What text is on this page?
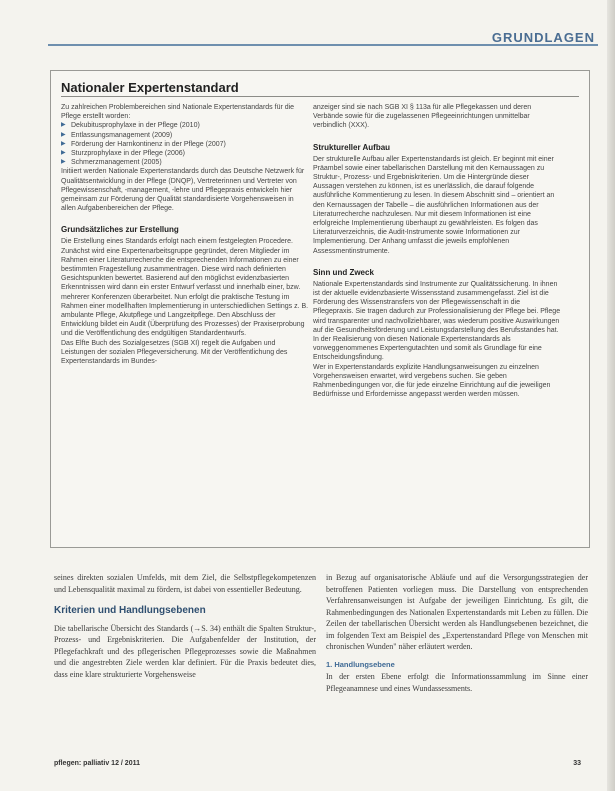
GRUNDLAGEN
Nationaler Expertenstandard

Zu zahlreichen Problembereichen sind Nationale Expertenstandards für die Pflege erstellt worden:

▶ Dekubitusprophylaxe in der Pflege (2010)
▶ Entlassungsmanagement (2009)
▶ Förderung der Harnkontinenz in der Pflege (2007)
▶ Sturzprophylaxe in der Pflege (2006)
▶ Schmerzmanagement (2005)

Initiiert werden Nationale Expertenstandards durch das Deutsche Netzwerk für Qualitätsentwicklung in der Pflege (DNQP), Vertreterinnen und Vertreter von Pflegewissenschaft, -management, -lehre und Pflegepraxis entwickeln hier gemeinsam zur Förderung der Qualität standardisierte Vorgehensweisen in allen Aufgabenbereichen der Pflege.

Grundsätzliches zur Erstellung

Die Erstellung eines Standards erfolgt nach einem festgelegten Procedere. Zunächst wird eine Expertenarbeitsgruppe gegründet, deren Mitglieder im Rahmen einer Literaturrecherche die entsprechenden Informationen zu einer bestimmten Fragestellung zusammentragen. Diese wird nach definierten Gesichtspunkten bewertet. Basierend auf den möglichst evidenzbasierten Erkenntnissen wird dann ein erster Entwurf verfasst und innerhalb einer, bzw. mehrerer Konferenzen überarbeitet. Nun erfolgt die praktische Testung im Rahmen einer modellhaften Implementierung in unterschiedlichen Settings z. B. ambulante Pflege, Akutpflege und Langzeitpflege. Den Abschluss der Entwicklung bildet ein Audit (Überprüfung des Prozesses) der Praxiserprobung und die Veröffentlichung des endgültigen Standardentwurfs.

Das Elfte Buch des Sozialgesetzes (SGB XI) regelt die Aufgaben und Leistungen der sozialen Pflegeversicherung. Mit der Veröffentlichung des Expertenstandards im Bundes-

anzeiger sind sie nach SGB XI § 113a für alle Pflegekassen und deren Verbände sowie für die zugelassenen Pflegeeinrichtungen unmittelbar verbindlich (XXX).

Struktureller Aufbau

Der strukturelle Aufbau aller Expertenstandards ist gleich. Er beginnt mit einer Präambel sowie einer tabellarischen Darstellung mit den Kernaussagen zu Struktur-, Prozess- und Ergebniskriterien. Um die Hintergründe dieser Aussagen verstehen zu können, ist es unerlässlich, die darauf folgende ausführliche Kommentierung zu lesen. In diesem Abschnitt sind – orientiert an den Kernaussagen der Tabelle – die ausführlichen Informationen aus der Literaturrecherche nachzulesen. Nur mit diesem Informationen ist eine erfolgreiche Implementierung überhaupt zu gewährleisten. Es folgen das Literaturverzeichnis, die Audit-Instrumente sowie Informationen zur Implementierung. Der Anhang umfasst die jeweils empfohlenen Assessmentinstrumente.

Sinn und Zweck

Nationale Expertenstandards sind Instrumente zur Qualitätssicherung. In ihnen ist der aktuelle evidenzbasierte Wissensstand zusammengefasst. Ziel ist die Förderung des Wissenstransfers von der Pflegewissenschaft in die Pflegepraxis. Sie tragen dadurch zur Professionalisierung der Pflege bei. Pflege wird transparenter und nachvollziehbarer, was wiederum positive Auswirkungen auf die Gesundheitsförderung und Leistungsdarstellung des Berufsstandes hat.

In der Realisierung von diesen Nationale Expertenstandards als vorweggenommenes Expertengutachten und somit als Grundlage für eine Entscheidungsfindung.

Wer in Expertenstandards explizite Handlungsanweisungen zu einzelnen Vorgehensweisen erwartet, wird vergebens suchen. Sie geben Rahmenbedingungen vor, die für jede einzelne Einrichtung auf die jeweiligen Bedürfnisse und Erfordernisse angepasst werden werden müssen.

seines direkten sozialen Umfelds, mit dem Ziel, die Selbstpflegekompetenzen und Lebensqualität maximal zu fördern, ist dabei von essentieller Bedeutung.

Kriterien und Handlungsebenen

Die tabellarische Übersicht des Standards (→S. 34) enthält die Spalten Struktur-, Prozess- und Ergebniskriterien. Die Aufgabenfelder der Institution, der Pflegefachkraft und des pflegerischen Pflegeprozesses sowie die Maßnahmen und die angestrebten Ziele werden klar definiert. Für die Praxis bedeutet dies, dass eine klare strukturierte Vorgehensweise

in Bezug auf organisatorische Abläufe und auf die Versorgungsstrategien der betroffenen Patienten vorliegen muss. Die Darstellung von entsprechenden Verfahrensanweisungen ist Aufgabe der jeweiligen Einrichtung. Es gilt, die Rahmenbedingungen des Nationalen Expertenstandards mit Leben zu füllen. Die Zeilen der tabellarischen Übersicht werden als Handlungsebenen bezeichnet, die im folgenden Text am Beispiel des „Expertenstandard Pflege von Menschen mit chronischen Wunden" näher erläutert werden.

1. Handlungsebene

In der ersten Ebene erfolgt die Informationssammlung im Sinne einer Pflegeanamnese und eines Wundassessments.

pflegen: palliativ 12 / 2011	33
